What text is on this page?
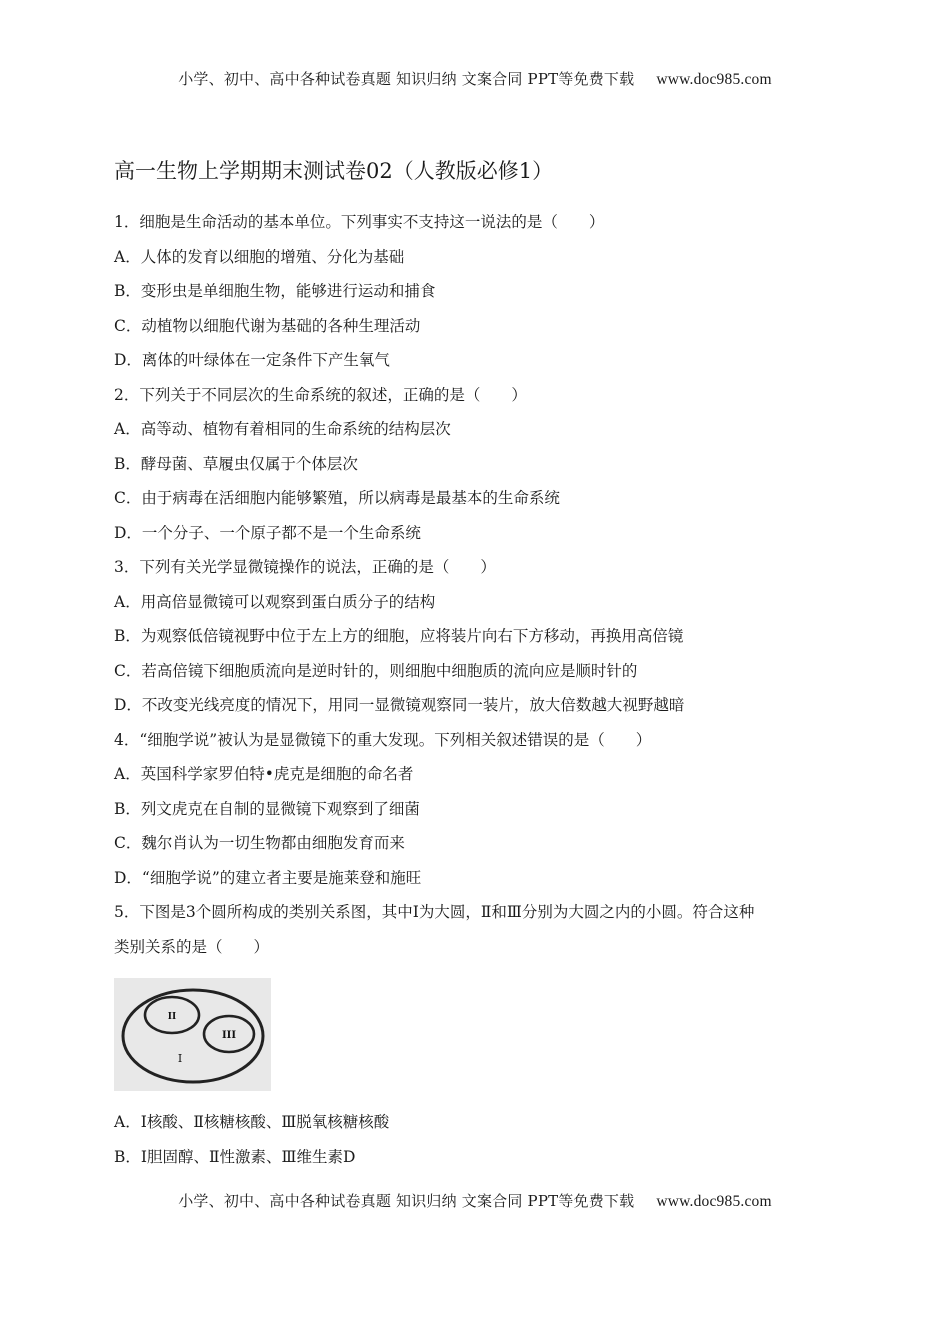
小学、初中、高中各种试卷真题 知识归纳 文案合同 PPT等免费下载 www.doc985.com
高一生物上学期期末测试卷02（人教版必修1）
1．细胞是生命活动的基本单位。下列事实不支持这一说法的是（　　）
A．人体的发育以细胞的增殖、分化为基础
B．变形虫是单细胞生物，能够进行运动和捕食
C．动植物以细胞代谢为基础的各种生理活动
D．离体的叶绿体在一定条件下产生氧气
2．下列关于不同层次的生命系统的叙述，正确的是（　　）
A．高等动、植物有着相同的生命系统的结构层次
B．酵母菌、草履虫仅属于个体层次
C．由于病毒在活细胞内能够繁殖，所以病毒是最基本的生命系统
D．一个分子、一个原子都不是一个生命系统
3．下列有关光学显微镜操作的说法，正确的是（　　）
A．用高倍显微镜可以观察到蛋白质分子的结构
B．为观察低倍镜视野中位于左上方的细胞，应将装片向右下方移动，再换用高倍镜
C．若高倍镜下细胞质流向是逆时针的，则细胞中细胞质的流向应是顺时针的
D．不改变光线亮度的情况下，用同一显微镜观察同一装片，放大倍数越大视野越暗
4．“细胞学说”被认为是显微镜下的重大发现。下列相关叙述错误的是（　　）
A．英国科学家罗伯特•虎克是细胞的命名者
B．列文虎克在自制的显微镜下观察到了细菌
C．魏尔肖认为一切生物都由细胞发育而来
D．“细胞学说”的建立者主要是施莱登和施旺
5．下图是3个圆所构成的类别关系图，其中Ⅰ为大圆，Ⅱ和Ⅲ分别为大圆之内的小圆。符合这种
类别关系的是（　　）
II
III
I
A．Ⅰ核酸、Ⅱ核糖核酸、Ⅲ脱氧核糖核酸
B．Ⅰ胆固醇、Ⅱ性激素、Ⅲ维生素D
小学、初中、高中各种试卷真题 知识归纳 文案合同 PPT等免费下载 www.doc985.com
